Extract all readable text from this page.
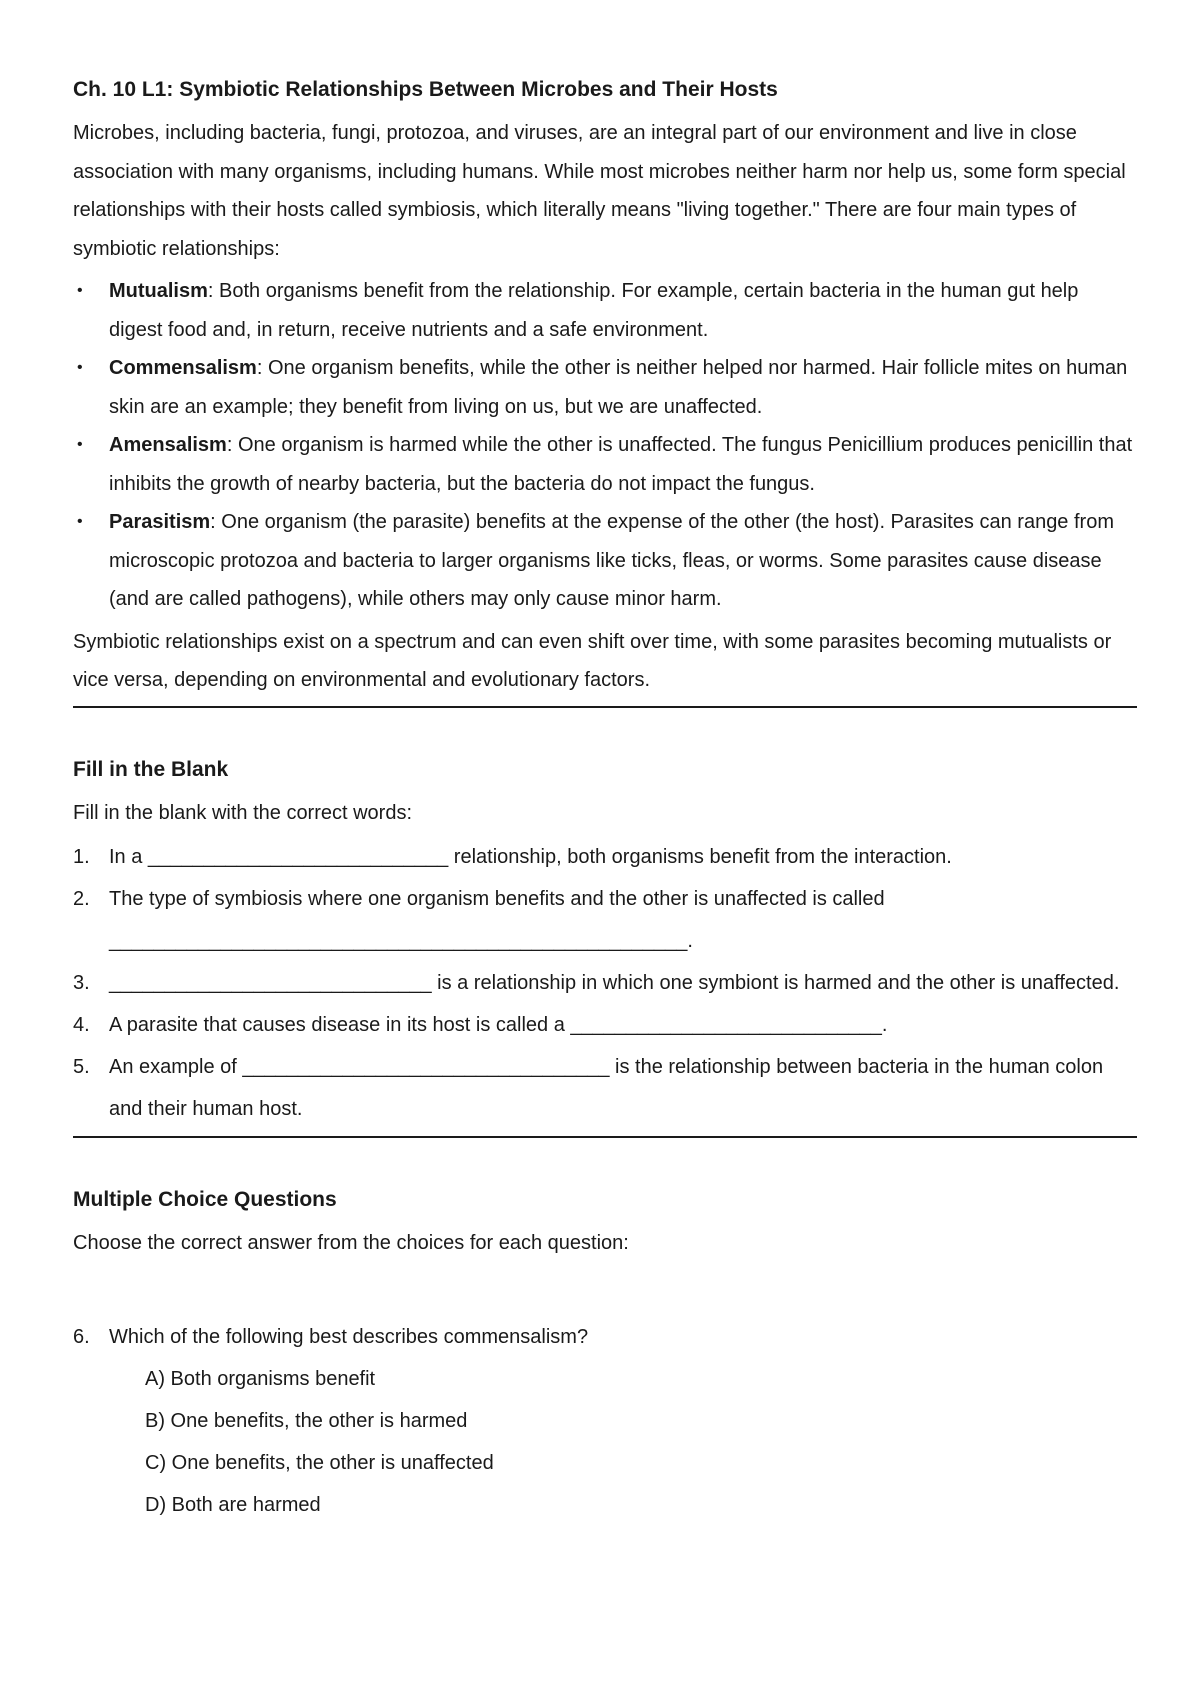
Ch. 10 L1: Symbiotic Relationships Between Microbes and Their Hosts

Microbes, including bacteria, fungi, protozoa, and viruses, are an integral part of our environment and live in close association with many organisms, including humans. While most microbes neither harm nor help us, some form special relationships with their hosts called symbiosis, which literally means "living together." There are four main types of symbiotic relationships:

• Mutualism: Both organisms benefit from the relationship. For example, certain bacteria in the human gut help digest food and, in return, receive nutrients and a safe environment.
• Commensalism: One organism benefits, while the other is neither helped nor harmed. Hair follicle mites on human skin are an example; they benefit from living on us, but we are unaffected.
• Amensalism: One organism is harmed while the other is unaffected. The fungus Penicillium produces penicillin that inhibits the growth of nearby bacteria, but the bacteria do not impact the fungus.
• Parasitism: One organism (the parasite) benefits at the expense of the other (the host). Parasites can range from microscopic protozoa and bacteria to larger organisms like ticks, fleas, or worms. Some parasites cause disease (and are called pathogens), while others may only cause minor harm.

Symbiotic relationships exist on a spectrum and can even shift over time, with some parasites becoming mutualists or vice versa, depending on environmental and evolutionary factors.

Fill in the Blank

Fill in the blank with the correct words:

1. In a ___________________________ relationship, both organisms benefit from the interaction.
2. The type of symbiosis where one organism benefits and the other is unaffected is called ____________________________________________________.
3. _____________________________ is a relationship in which one symbiont is harmed and the other is unaffected.
4. A parasite that causes disease in its host is called a ____________________________.
5. An example of _________________________________ is the relationship between bacteria in the human colon and their human host.
Multiple Choice Questions

Choose the correct answer from the choices for each question:

6. Which of the following best describes commensalism?
A) Both organisms benefit
B) One benefits, the other is harmed
C) One benefits, the other is unaffected
D) Both are harmed
